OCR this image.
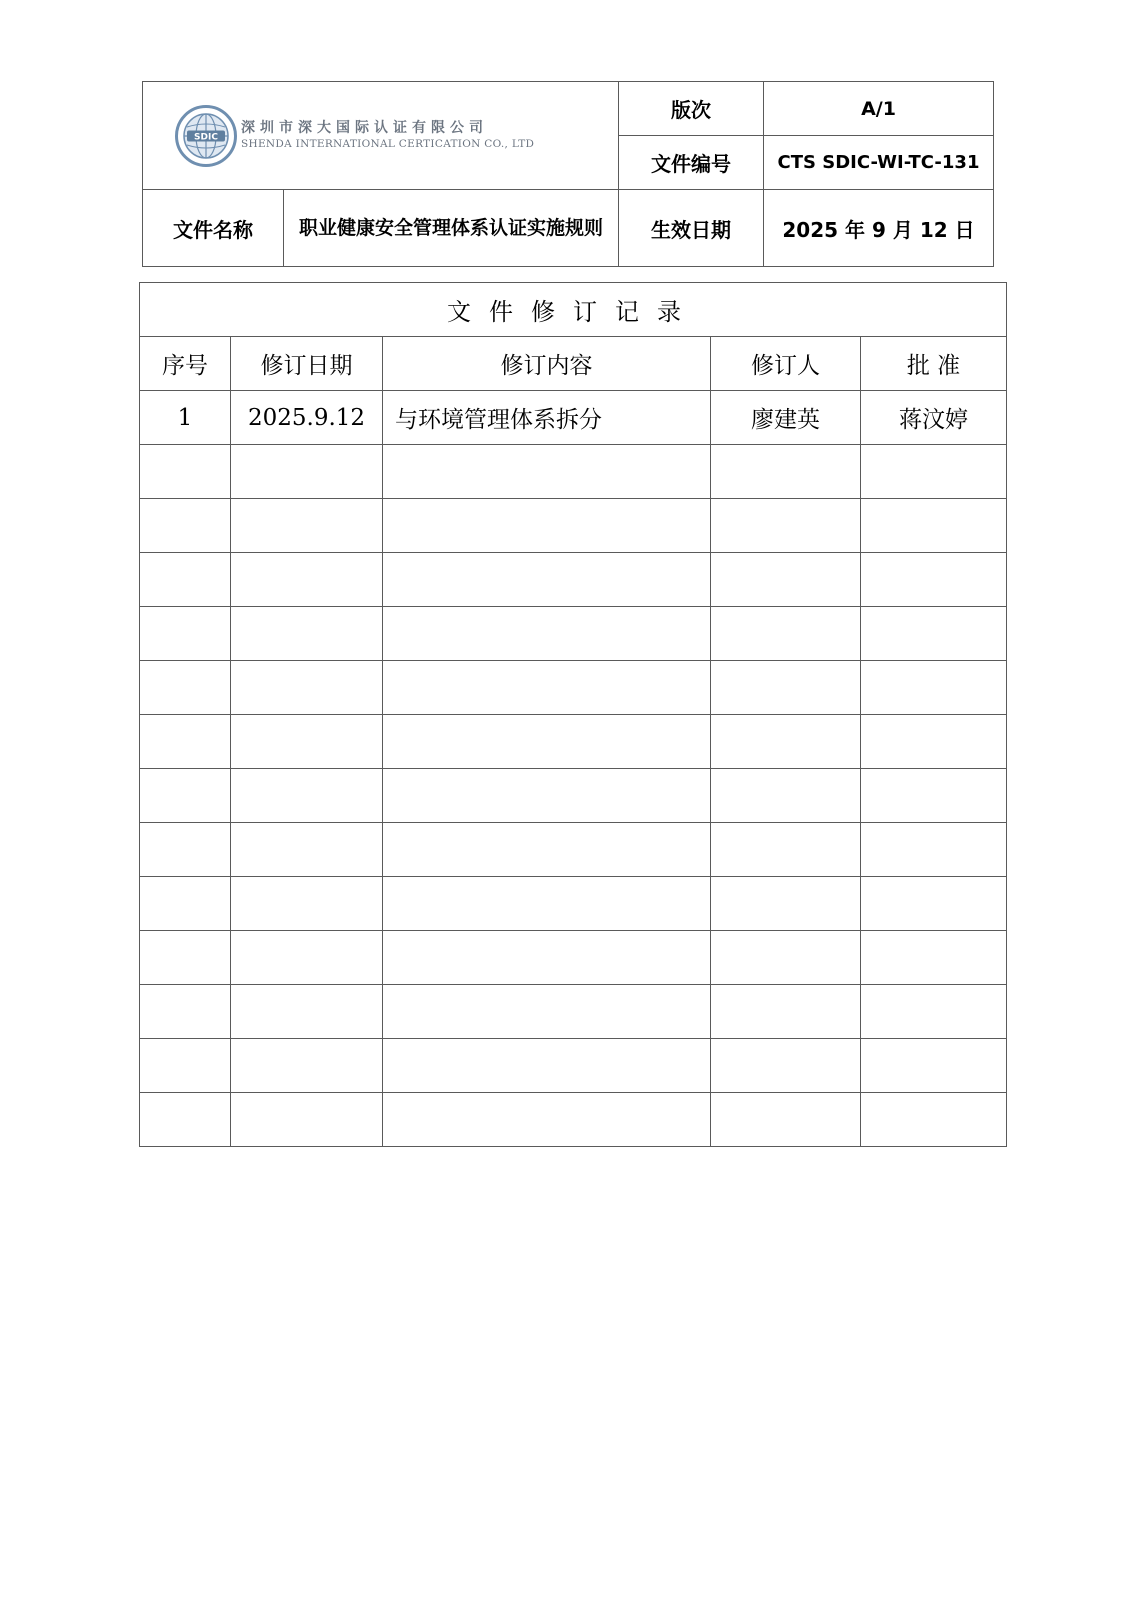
SDIC
深圳市深大国际认证有限公司
SHENDA INTERNATIONAL CERTICATION CO., LTD		版次	A/1
		文件编号	CTS SDIC-WI-TC-131
文件名称	职业健康安全管理体系认证实施规则	生效日期	2025 年 9 月 12 日
文件修订记录				
序号	修订日期	修订内容	修订人	批 准
1	2025.9.12	与环境管理体系拆分	廖建英	蒋汶婷
